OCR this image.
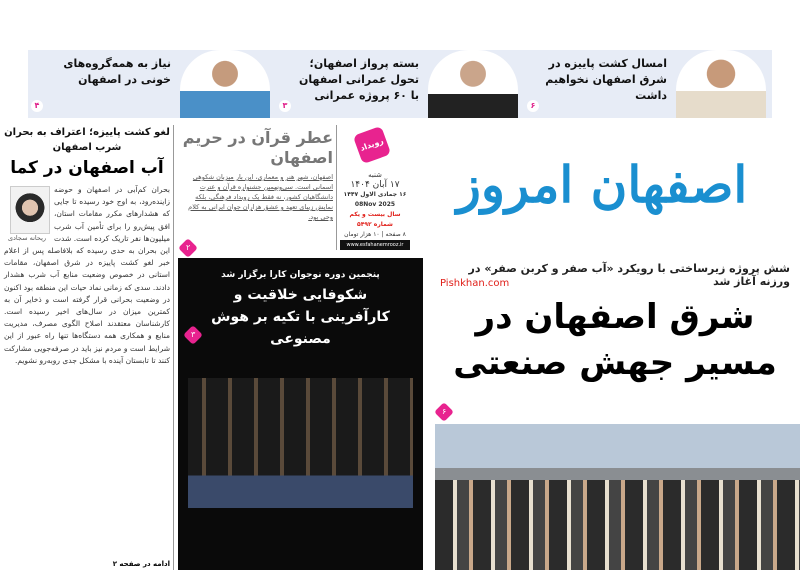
امسال کشت پاییزه در شرق اصفهان نخواهیم داشت
۶
بسته پرواز اصفهان؛ تحول عمرانی اصفهان با ۶۰ پروژه عمرانی
۳
نیاز به همه‌گروه‌های خونی در اصفهان
۴
لغو کشت پاییزه؛ اعتراف به بحران شرب اصفهان
آب اصفهان در کما
ریحانه سجادی
بحران کم‌آبی در اصفهان و حوضه زاینده‌رود، به اوج خود رسیده تا جایی که هشدارهای مکرر مقامات استان، افق پیش‌رو را برای تأمین آب شرب میلیون‌ها نفر تاریک کرده است. شدت این بحران به حدی رسیده که بلافاصله پس از اعلام خبر لغو کشت پاییزه در شرق اصفهان، مقامات استانی در خصوص وضعیت منابع آب شرب هشدار دادند. سدی که زمانی نماد حیات این منطقه بود اکنون در وضعیت بحرانی قرار گرفته است و ذخایر آن به کمترین میزان در سال‌های اخیر رسیده است. کارشناسان معتقدند اصلاح الگوی مصرف، مدیریت منابع و همکاری همه دستگاه‌ها تنها راه عبور از این شرایط است و مردم نیز باید در صرفه‌جویی مشارکت کنند تا تابستان آینده با مشکل جدی روبه‌رو نشویم.
ادامه در صفحه ۲
عطر قرآن در حریم اصفهان
اصفهان،‌ شهر هنر و معماری، این بار میزبان شکوهی اسمانی است. سی‌ونهمین جشنواره قرآن و عترت دانشگاهیان کشور، نه فقط یک رویداد فرهنگی، بلکه نمایش زیبای تعهد و عشق هزاران جوان ایرانی به کلام وحی بود.
رویداد
۲
شنبه
۱۷ آبان ۱۴۰۴
۱۶ جمادی الاول ۱۴۴۷
08Nov 2025
سال بیست و یکم
شماره ۵۴۹۲
۸ صفحه | ۱۰ هزار تومان
www.esfahanemrooz.ir
اصفهان امروز
پنجمین دوره نوجوان کارا برگزار شد
شکوفایی خلاقیت و کارآفرینی با تکیه بر هوش مصنوعی
۳
شش پروژه زیرساختی با رویکرد «آب صفر و کربن صفر» در ورزنه آغاز شد
Pishkhan.com
شرق اصفهان در مسیر جهش صنعتی
۶
